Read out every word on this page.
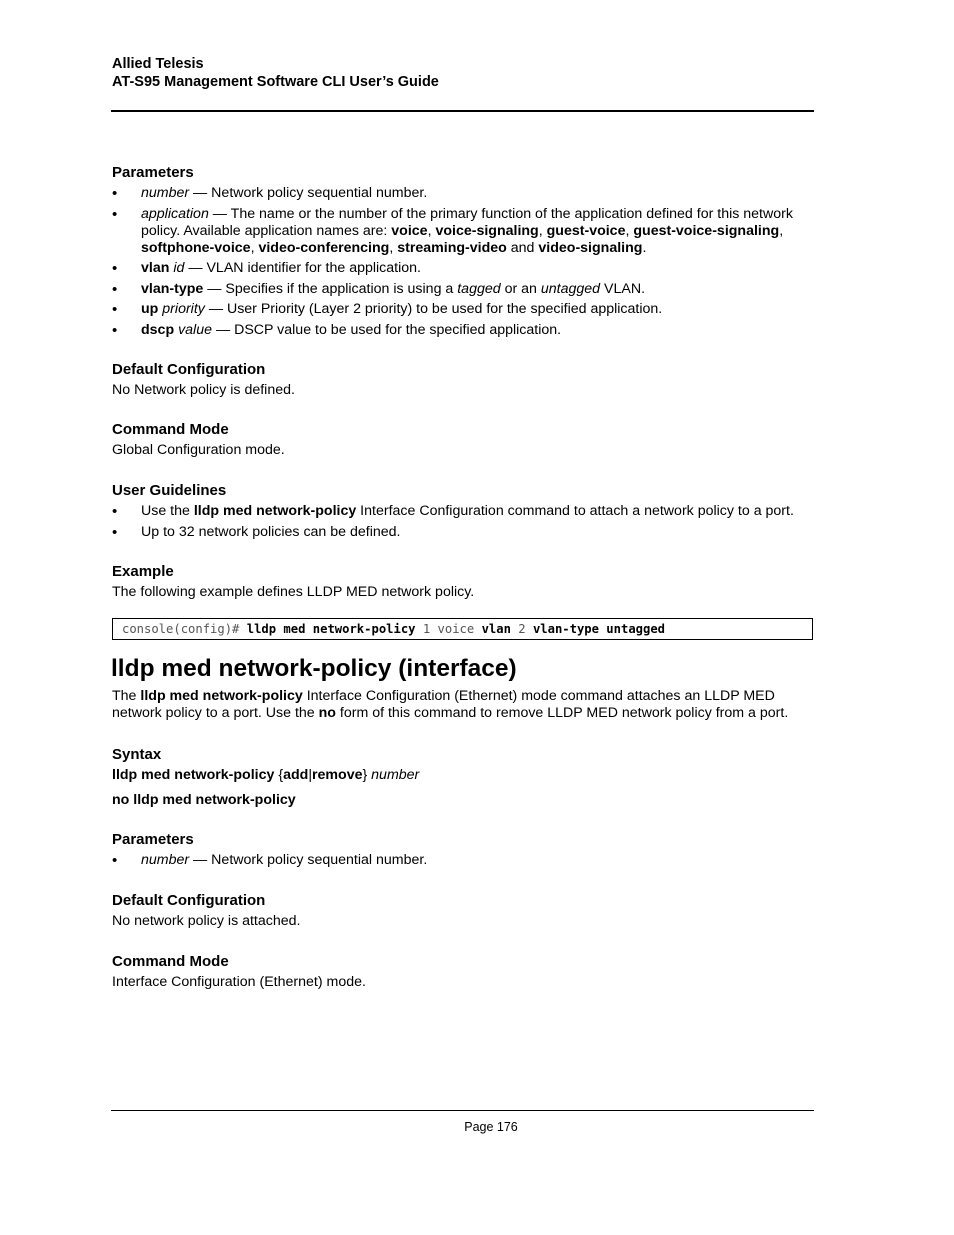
Allied Telesis
AT-S95 Management Software CLI User’s Guide
Parameters
• number — Network policy sequential number.
• application — The name or the number of the primary function of the application defined for this network policy. Available application names are: voice, voice-signaling, guest-voice, guest-voice-signaling, softphone-voice, video-conferencing, streaming-video and video-signaling.
• vlan id — VLAN identifier for the application.
• vlan-type — Specifies if the application is using a tagged or an untagged VLAN.
• up priority — User Priority (Layer 2 priority) to be used for the specified application.
• dscp value — DSCP value to be used for the specified application.
Default Configuration

No Network policy is defined.

Command Mode

Global Configuration mode.

User Guidelines
• Use the lldp med network-policy Interface Configuration command to attach a network policy to a port.
• Up to 32 network policies can be defined.
Example

The following example defines LLDP MED network policy.

console(config)# lldp med network-policy 1 voice vlan 2 vlan-type untagged
lldp med network-policy (interface)

The lldp med network-policy Interface Configuration (Ethernet) mode command attaches an LLDP MED network policy to a port. Use the no form of this command to remove LLDP MED network policy from a port.

Syntax
lldp med network-policy {add|remove} number
no lldp med network-policy
Parameters
• number — Network policy sequential number.
Default Configuration

No network policy is attached.

Command Mode

Interface Configuration (Ethernet) mode.

Page 176
